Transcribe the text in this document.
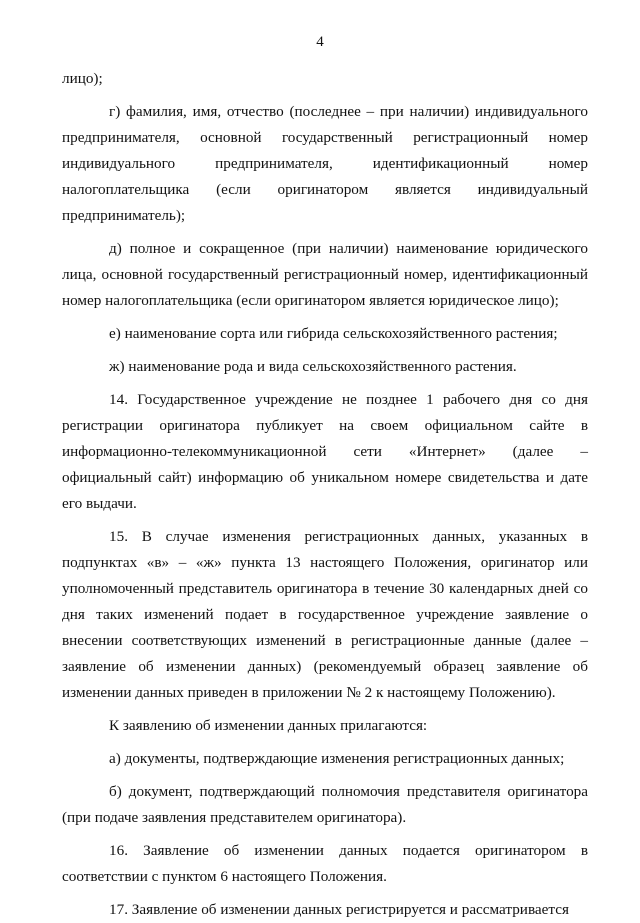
4

лицо);

г) фамилия, имя, отчество (последнее – при наличии) индивидуального предпринимателя, основной государственный регистрационный номер индивидуального предпринимателя, идентификационный номер налогоплательщика (если оригинатором является индивидуальный предприниматель);

д) полное и сокращенное (при наличии) наименование юридического лица, основной государственный регистрационный номер, идентификационный номер налогоплательщика (если оригинатором является юридическое лицо);

е) наименование сорта или гибрида сельскохозяйственного растения;

ж) наименование рода и вида сельскохозяйственного растения.

14. Государственное учреждение не позднее 1 рабочего дня со дня регистрации оригинатора публикует на своем официальном сайте в информационно-телекоммуникационной сети «Интернет» (далее – официальный сайт) информацию об уникальном номере свидетельства и дате его выдачи.

15. В случае изменения регистрационных данных, указанных в подпунктах «в» – «ж» пункта 13 настоящего Положения, оригинатор или уполномоченный представитель оригинатора в течение 30 календарных дней со дня таких изменений подает в государственное учреждение заявление о внесении соответствующих изменений в регистрационные данные (далее – заявление об изменении данных) (рекомендуемый образец заявление об изменении данных приведен в приложении № 2 к настоящему Положению).

К заявлению об изменении данных прилагаются:

а) документы, подтверждающие изменения регистрационных данных;

б) документ, подтверждающий полномочия представителя оригинатора (при подаче заявления представителем оригинатора).

16. Заявление об изменении данных подается оригинатором в соответствии с пунктом 6 настоящего Положения.

17. Заявление об изменении данных регистрируется и рассматривается
